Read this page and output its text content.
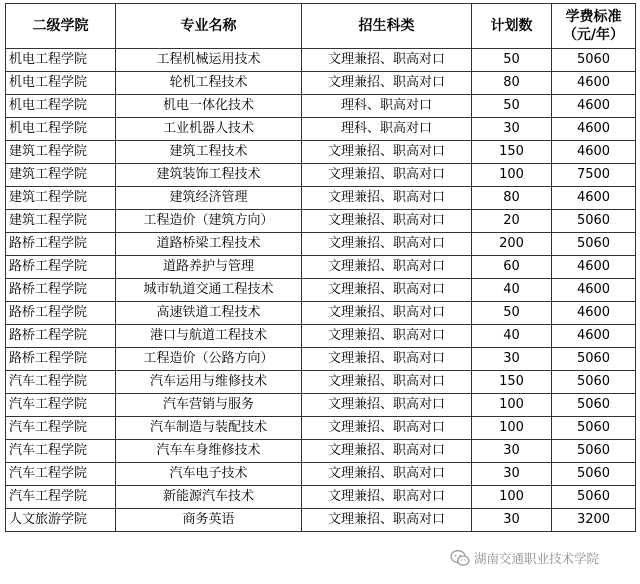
二级学院	专业名称	招生科类	计划数	学费标准
（元/年）

机电工程学院	工程机械运用技术	文理兼招、职高对口	50	5060
机电工程学院	轮机工程技术	文理兼招、职高对口	80	4600
机电工程学院	机电一体化技术	理科、职高对口	50	4600
机电工程学院	工业机器人技术	理科、职高对口	30	4600
建筑工程学院	建筑工程技术	文理兼招、职高对口	150	4600
建筑工程学院	建筑装饰工程技术	文理兼招、职高对口	100	7500
建筑工程学院	建筑经济管理	文理兼招、职高对口	80	4600
建筑工程学院	工程造价（建筑方向）	文理兼招、职高对口	20	5060
路桥工程学院	道路桥梁工程技术	文理兼招、职高对口	200	5060
路桥工程学院	道路养护与管理	文理兼招、职高对口	60	4600
路桥工程学院	城市轨道交通工程技术	文理兼招、职高对口	40	4600
路桥工程学院	高速铁道工程技术	文理兼招、职高对口	50	4600
路桥工程学院	港口与航道工程技术	文理兼招、职高对口	40	4600
路桥工程学院	工程造价（公路方向）	文理兼招、职高对口	30	5060
汽车工程学院	汽车运用与维修技术	文理兼招、职高对口	150	5060
汽车工程学院	汽车营销与服务	文理兼招、职高对口	100	5060
汽车工程学院	汽车制造与装配技术	文理兼招、职高对口	100	5060
汽车工程学院	汽车车身维修技术	文理兼招、职高对口	30	5060
汽车工程学院	汽车电子技术	文理兼招、职高对口	30	5060
汽车工程学院	新能源汽车技术	文理兼招、职高对口	100	5060
人文旅游学院	商务英语	文理兼招、职高对口	30	3200
湖南交通职业技术学院
